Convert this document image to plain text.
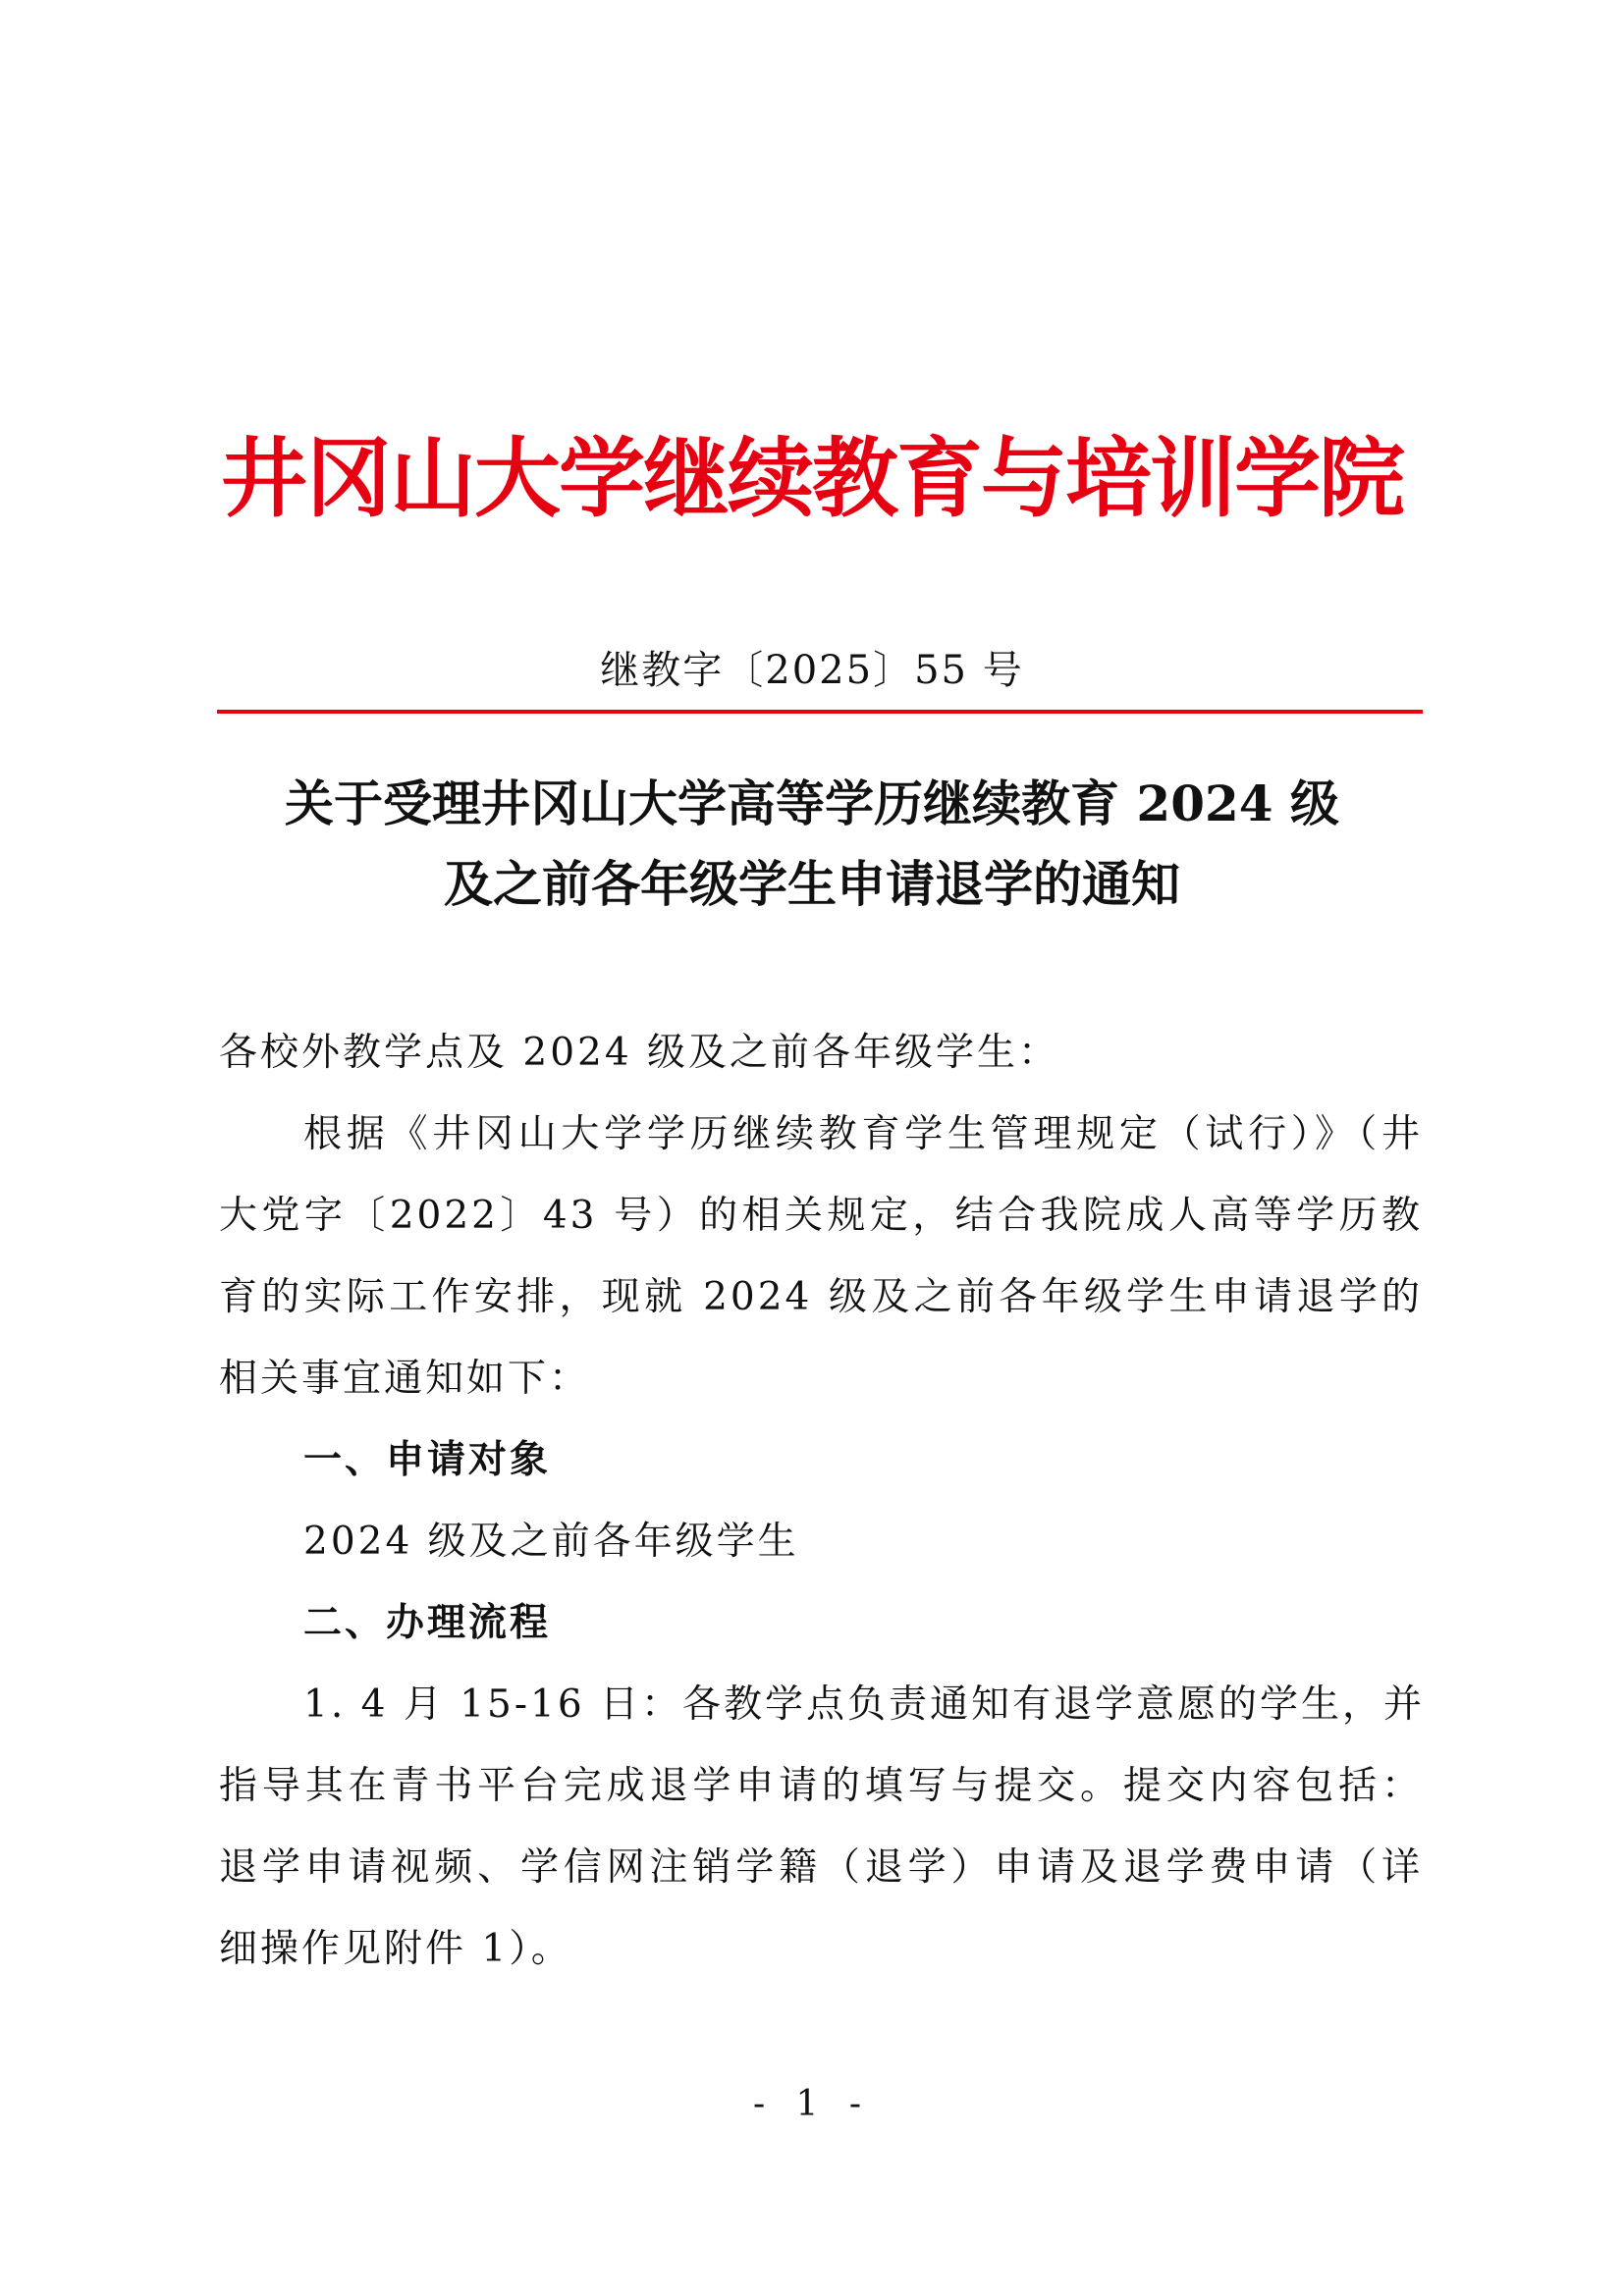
井冈山大学继续教育与培训学院
继教字〔2025〕55 号
关于受理井冈山大学高等学历继续教育 2024 级
及之前各年级学生申请退学的通知
各校外教学点及 2024 级及之前各年级学生：
根据《井冈山大学学历继续教育学生管理规定（试行）》（井
大党字〔2022〕43 号）的相关规定，结合我院成人高等学历教
育的实际工作安排，现就 2024 级及之前各年级学生申请退学的
相关事宜通知如下：
一、申请对象
2024 级及之前各年级学生
二、办理流程
1. 4 月 15-16 日：各教学点负责通知有退学意愿的学生，并
指导其在青书平台完成退学申请的填写与提交。提交内容包括：
退学申请视频、学信网注销学籍（退学）申请及退学费申请（详
细操作见附件 1）。
- 1 -
